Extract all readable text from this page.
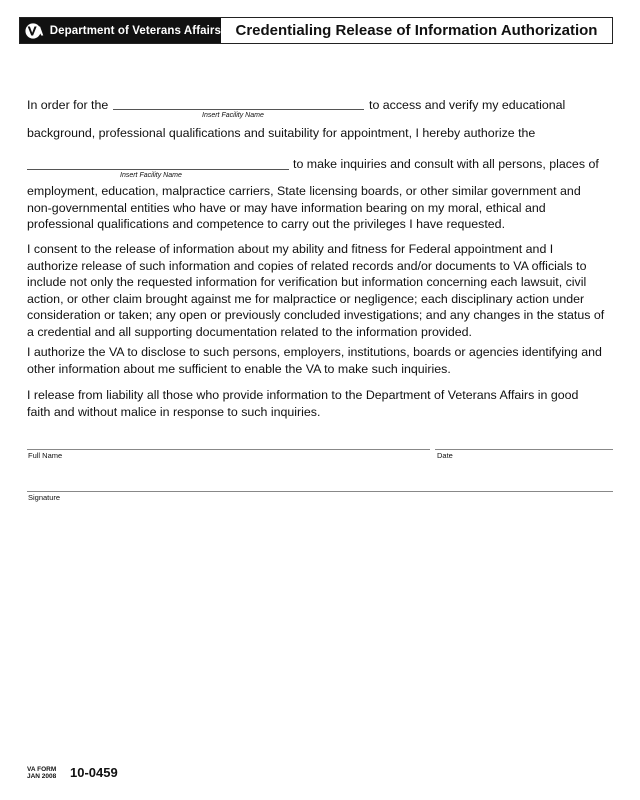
Department of Veterans Affairs Credentialing Release of Information Authorization
In order for the
Insert Facility Name
to access and verify my educational
background, professional qualifications and suitability for appointment, I hereby authorize the
Insert Facility Name
to make inquiries and consult with all persons, places of
employment, education, malpractice carriers, State licensing boards, or other similar government and
non-governmental entities who have or may have information bearing on my moral, ethical and
professional qualifications and competence to carry out the privileges I have requested.
I consent to the release of information about my ability and fitness for Federal appointment and I
authorize release of such information and copies of related records and/or documents to VA officials to
include not only the requested information for verification but information concerning each lawsuit, civil
action, or other claim brought against me for malpractice or negligence; each disciplinary action under
consideration or taken; any open or previously concluded investigations; and any changes in the status of
a credential and all supporting documentation related to the information provided.
I authorize the VA to disclose to such persons, employers, institutions, boards or agencies identifying and
other information about me sufficient to enable the VA to make such inquiries.
I release from liability all those who provide information to the Department of Veterans Affairs in good
faith and without malice in response to such inquiries.
Full Name	Date
Signature
VA FORM
JAN 2008 10-0459
